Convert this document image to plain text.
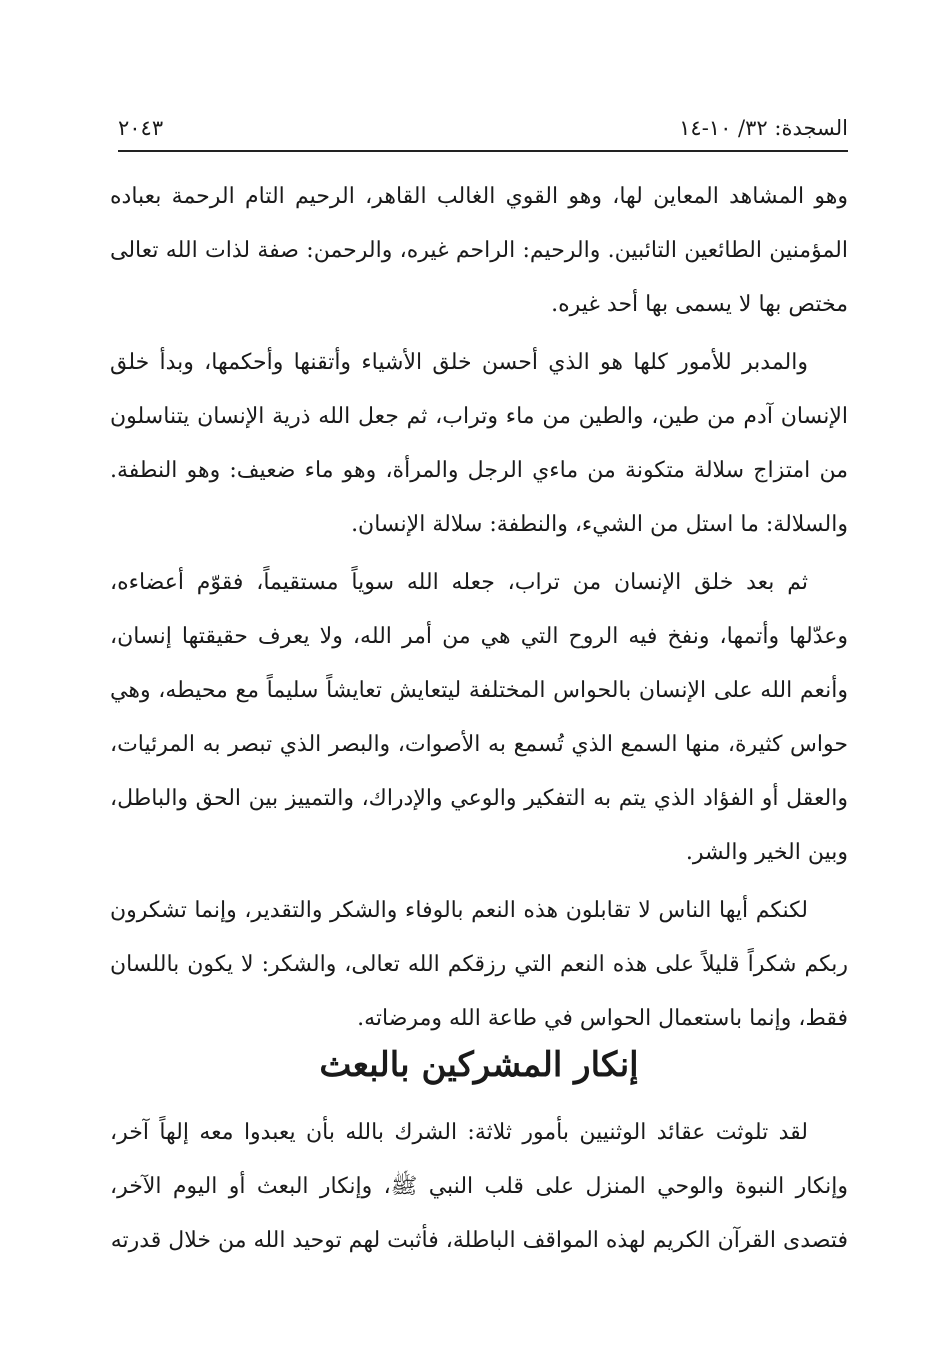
السجدة: ٣٢/ ١٠-١٤
٢٠٤٣

وهو المشاهد المعاين لها، وهو القوي الغالب القاهر، الرحيم التام الرحمة بعباده المؤمنين الطائعين التائبين. والرحيم: الراحم غيره، والرحمن: صفة لذات الله تعالى مختص بها لا يسمى بها أحد غيره.

والمدبر للأمور كلها هو الذي أحسن خلق الأشياء وأتقنها وأحكمها، وبدأ خلق الإنسان آدم من طين، والطين من ماء وتراب، ثم جعل الله ذرية الإنسان يتناسلون من امتزاج سلالة متكونة من ماءي الرجل والمرأة، وهو ماء ضعيف: وهو النطفة. والسلالة: ما استل من الشيء، والنطفة: سلالة الإنسان.

ثم بعد خلق الإنسان من تراب، جعله الله سوياً مستقيماً، فقوّم أعضاءه، وعدّلها وأتمها، ونفخ فيه الروح التي هي من أمر الله، ولا يعرف حقيقتها إنسان، وأنعم الله على الإنسان بالحواس المختلفة ليتعايش تعايشاً سليماً مع محيطه، وهي حواس كثيرة، منها السمع الذي تُسمع به الأصوات، والبصر الذي تبصر به المرئيات، والعقل أو الفؤاد الذي يتم به التفكير والوعي والإدراك، والتمييز بين الحق والباطل، وبين الخير والشر.

لكنكم أيها الناس لا تقابلون هذه النعم بالوفاء والشكر والتقدير، وإنما تشكرون ربكم شكراً قليلاً على هذه النعم التي رزقكم الله تعالى، والشكر: لا يكون باللسان فقط، وإنما باستعمال الحواس في طاعة الله ومرضاته.

إنكار المشركين بالبعث

لقد تلوثت عقائد الوثنيين بأمور ثلاثة: الشرك بالله بأن يعبدوا معه إلهاً آخر، وإنكار النبوة والوحي المنزل على قلب النبي ﷺ، وإنكار البعث أو اليوم الآخر، فتصدى القرآن الكريم لهذه المواقف الباطلة، فأثبت لهم توحيد الله من خلال قدرته
